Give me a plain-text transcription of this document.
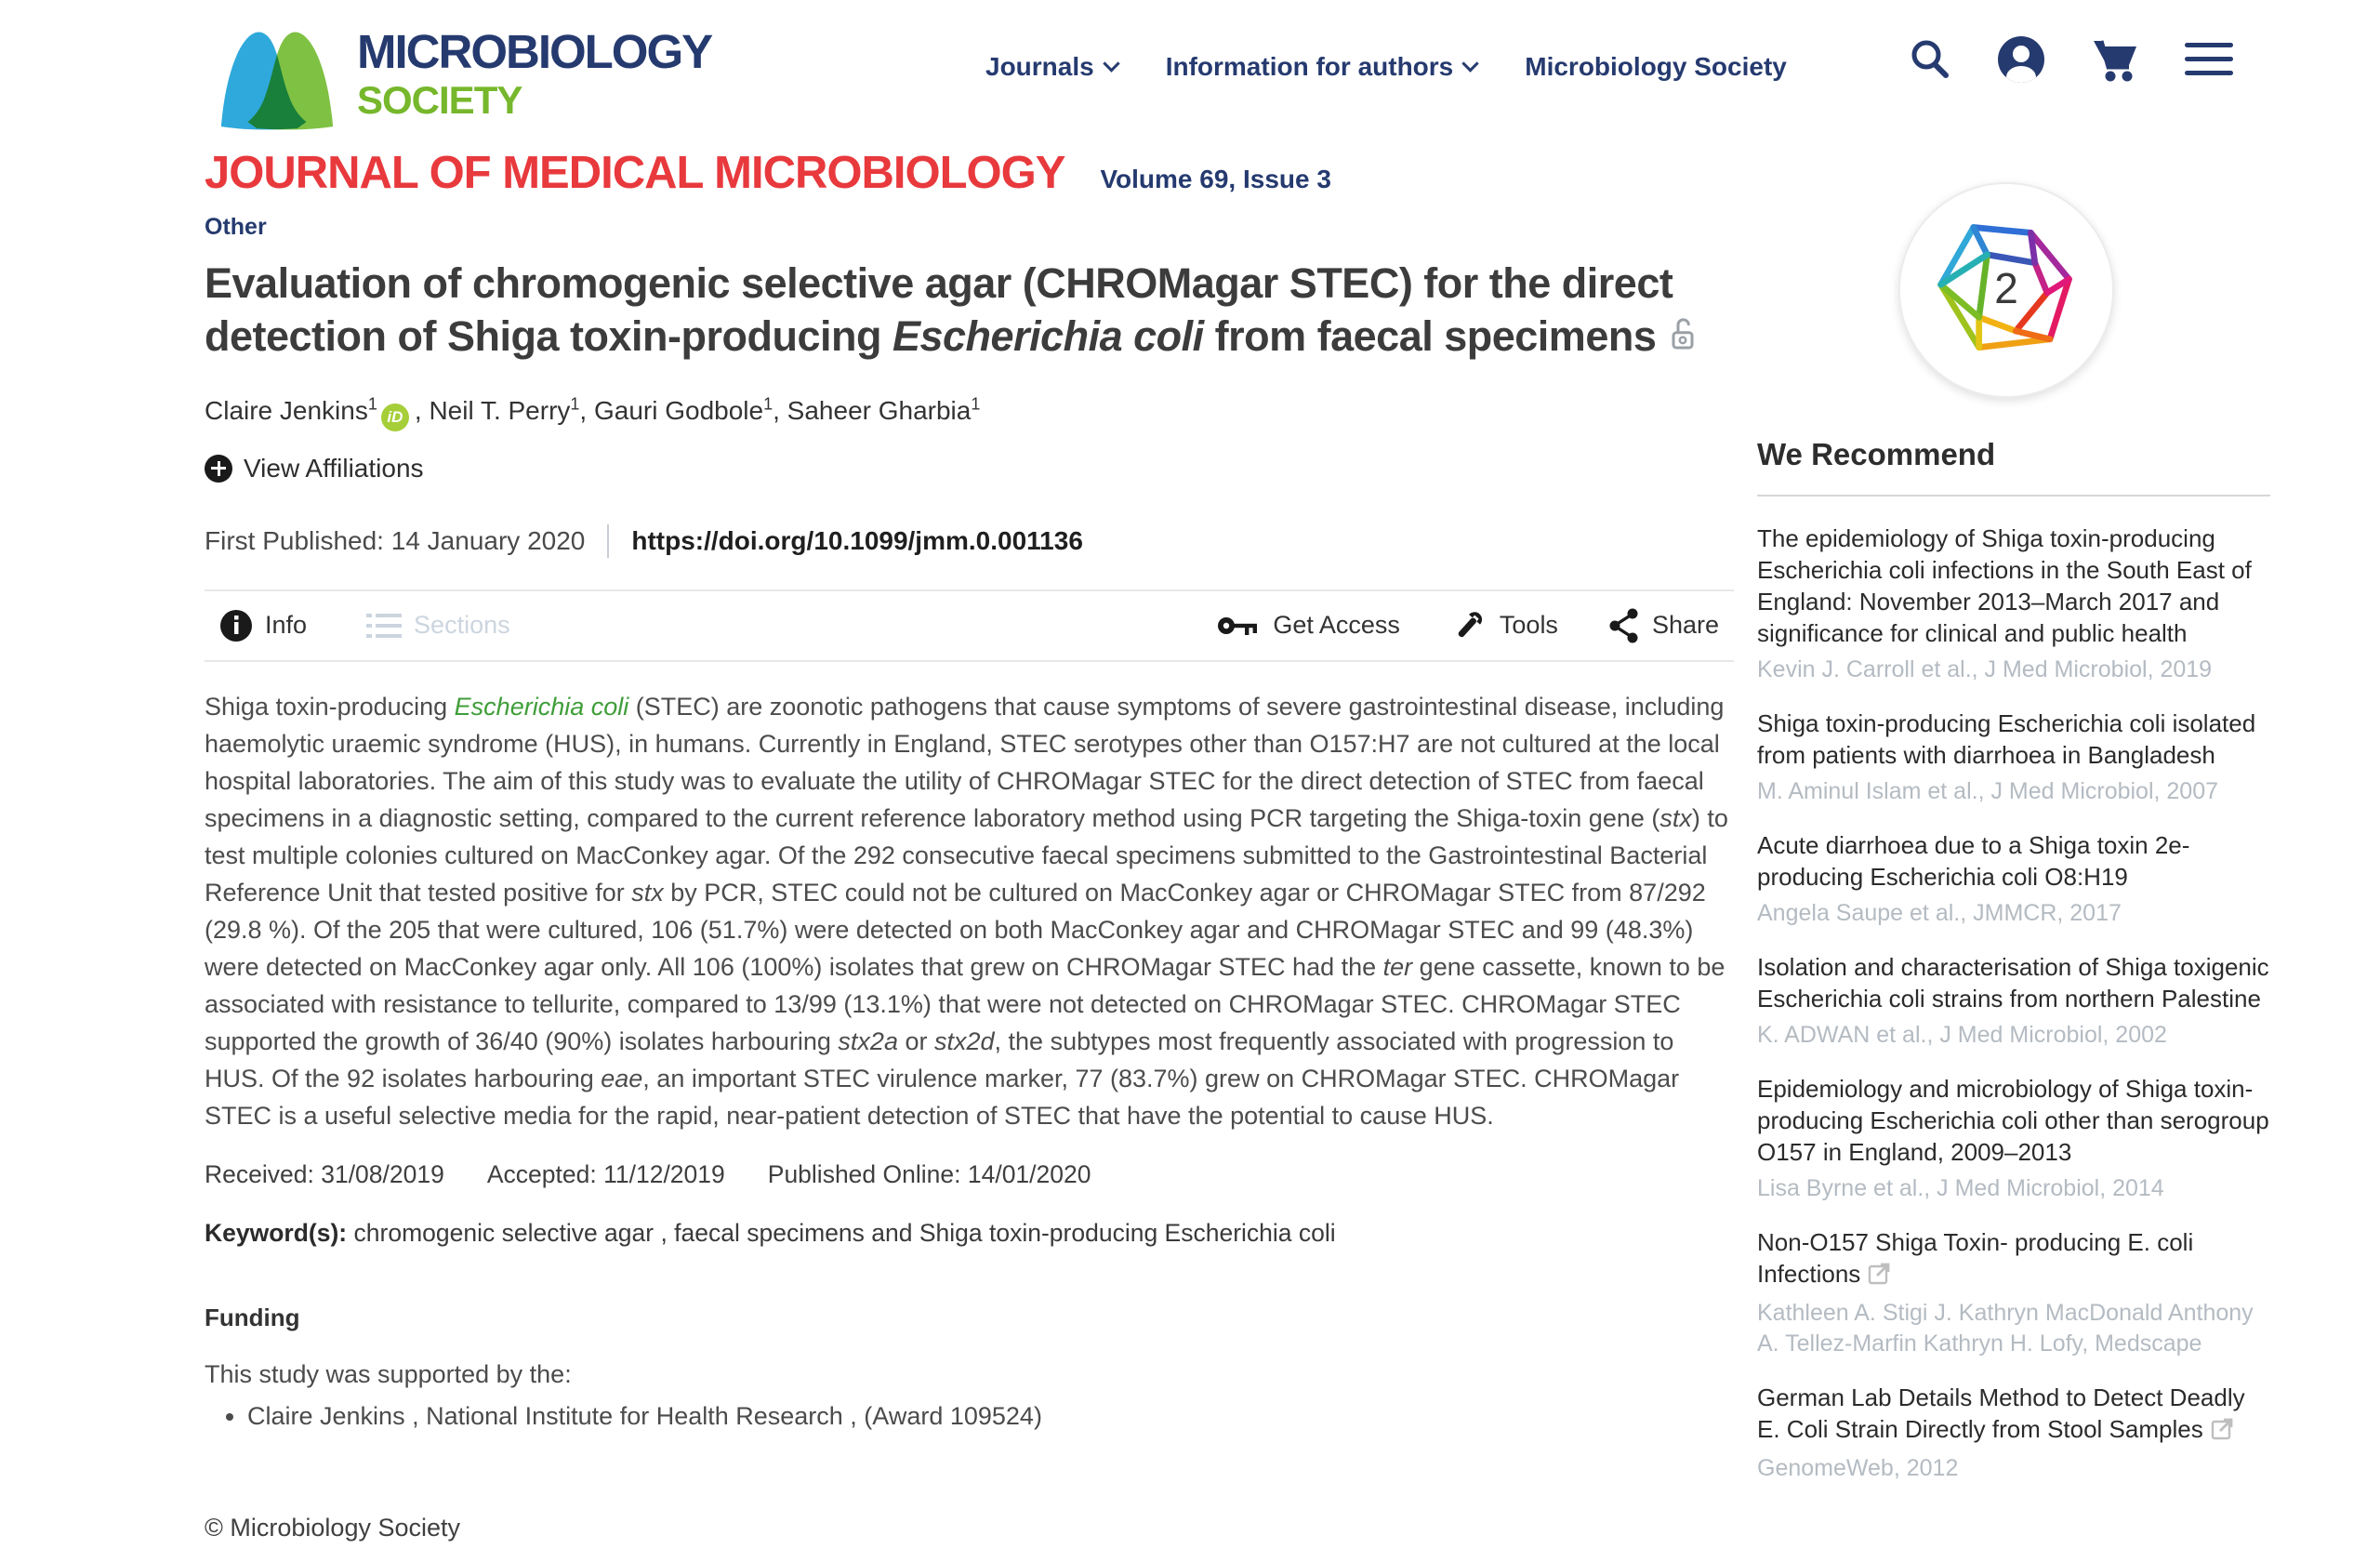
MICROBIOLOGY
SOCIETY
Journals	Information for authors	Microbiology Society
JOURNAL OF MEDICAL MICROBIOLOGY Volume 69, Issue 3
Other
Evaluation of chromogenic selective agar (CHROMagar STEC) for the direct detection of Shiga toxin-producing Escherichia coli from faecal specimens
Claire Jenkins$^1$iD , Neil T. Perry$^1$, Gauri Godbole$^1$, Saheer Gharbia$^1$
View Affiliations
First Published: 14 January 2020 https://doi.org/10.1099/jmm.0.001136
Info	Sections	Get Access	Tools	Share
Shiga toxin-producing Escherichia coli (STEC) are zoonotic pathogens that cause symptoms of severe gastrointestinal disease, including haemolytic uraemic syndrome (HUS), in humans. Currently in England, STEC serotypes other than O157:H7 are not cultured at the local hospital laboratories. The aim of this study was to evaluate the utility of CHROMagar STEC for the direct detection of STEC from faecal specimens in a diagnostic setting, compared to the current reference laboratory method using PCR targeting the Shiga-toxin gene (stx) to test multiple colonies cultured on MacConkey agar. Of the 292 consecutive faecal specimens submitted to the Gastrointestinal Bacterial Reference Unit that tested positive for stx by PCR, STEC could not be cultured on MacConkey agar or CHROMagar STEC from 87/292 (29.8 %). Of the 205 that were cultured, 106 (51.7%) were detected on both MacConkey agar and CHROMagar STEC and 99 (48.3%) were detected on MacConkey agar only. All 106 (100%) isolates that grew on CHROMagar STEC had the ter gene cassette, known to be associated with resistance to tellurite, compared to 13/99 (13.1%) that were not detected on CHROMagar STEC. CHROMagar STEC supported the growth of 36/40 (90%) isolates harbouring stx2a or stx2d, the subtypes most frequently associated with progression to HUS. Of the 92 isolates harbouring eae, an important STEC virulence marker, 77 (83.7%) grew on CHROMagar STEC. CHROMagar STEC is a useful selective media for the rapid, near-patient detection of STEC that have the potential to cause HUS.
Received: 31/08/2019 Accepted: 11/12/2019 Published Online: 14/01/2020
Keyword(s): chromogenic selective agar , faecal specimens and Shiga toxin-producing Escherichia coli
Funding
This study was supported by the:
• Claire Jenkins , National Institute for Health Research , (Award 109524)
2
We Recommend
The epidemiology of Shiga toxin-producing Escherichia coli infections in the South East of England: November 2013–March 2017 and significance for clinical and public health
Kevin J. Carroll et al., J Med Microbiol, 2019
Shiga toxin-producing Escherichia coli isolated from patients with diarrhoea in Bangladesh
M. Aminul Islam et al., J Med Microbiol, 2007
Acute diarrhoea due to a Shiga toxin 2e-producing Escherichia coli O8:H19
Angela Saupe et al., JMMCR, 2017
Isolation and characterisation of Shiga toxigenic Escherichia coli strains from northern Palestine
K. ADWAN et al., J Med Microbiol, 2002
Epidemiology and microbiology of Shiga toxin-producing Escherichia coli other than serogroup O157 in England, 2009–2013
Lisa Byrne et al., J Med Microbiol, 2014
Non-O157 Shiga Toxin- producing E. coli Infections
Kathleen A. Stigi J. Kathryn MacDonald Anthony A. Tellez-Marfin Kathryn H. Lofy, Medscape
German Lab Details Method to Detect Deadly E. Coli Strain Directly from Stool Samples
GenomeWeb, 2012
© Microbiology Society
